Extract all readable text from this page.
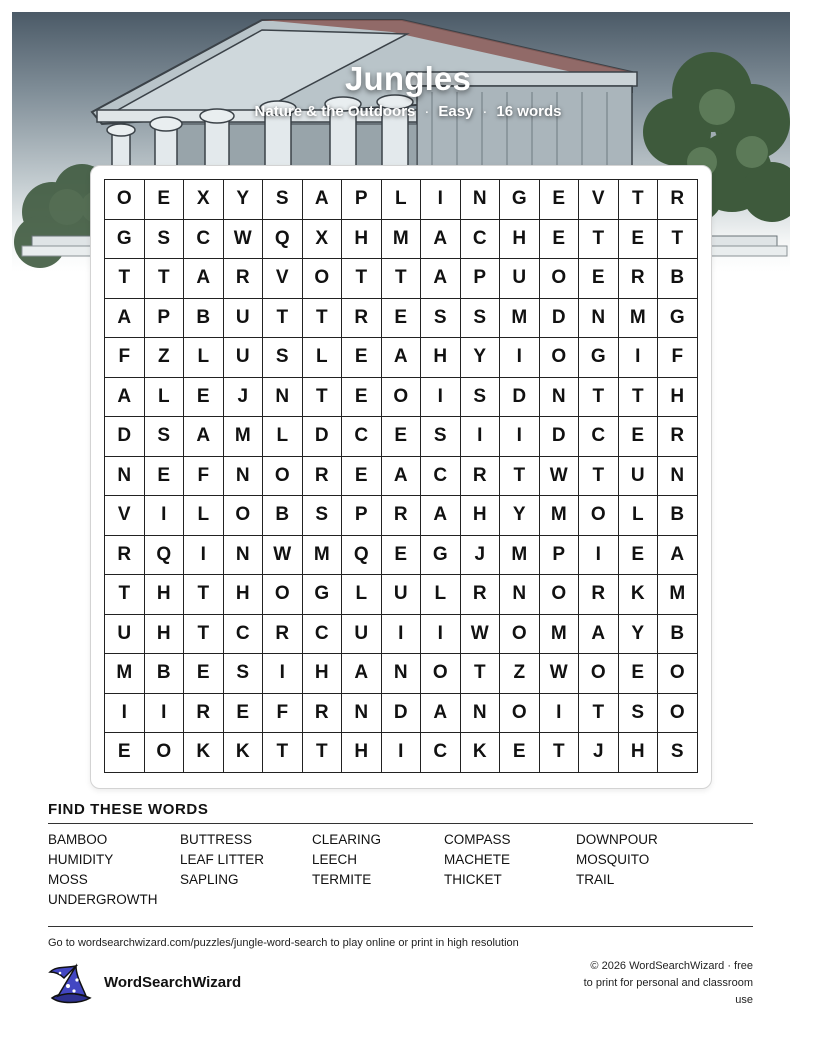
Jungles
Nature & the Outdoors · Easy · 16 words
O	E	X	Y	S	A	P	L	I	N	G	E	V	T	R
G	S	C	W	Q	X	H	M	A	C	H	E	T	E	T
T	T	A	R	V	O	T	T	A	P	U	O	E	R	B
A	P	B	U	T	T	R	E	S	S	M	D	N	M	G
F	Z	L	U	S	L	E	A	H	Y	I	O	G	I	F
A	L	E	J	N	T	E	O	I	S	D	N	T	T	H
D	S	A	M	L	D	C	E	S	I	I	D	C	E	R
N	E	F	N	O	R	E	A	C	R	T	W	T	U	N
V	I	L	O	B	S	P	R	A	H	Y	M	O	L	B
R	Q	I	N	W	M	Q	E	G	J	M	P	I	E	A
T	H	T	H	O	G	L	U	L	R	N	O	R	K	M
U	H	T	C	R	C	U	I	I	W	O	M	A	Y	B
M	B	E	S	I	H	A	N	O	T	Z	W	O	E	O
I	I	R	E	F	R	N	D	A	N	O	I	T	S	O
E	O	K	K	T	T	H	I	C	K	E	T	J	H	S
FIND THESE WORDS
BAMBOO	BUTTRESS	CLEARING	COMPASS	DOWNPOUR
HUMIDITY	LEAF LITTER	LEECH	MACHETE	MOSQUITO
MOSS	SAPLING	TERMITE	THICKET	TRAIL
UNDERGROWTH
Go to wordsearchwizard.com/puzzles/jungle-word-search to play online or print in high resolution
WordSearchWizard
© 2026 WordSearchWizard · free to print for personal and classroom use
